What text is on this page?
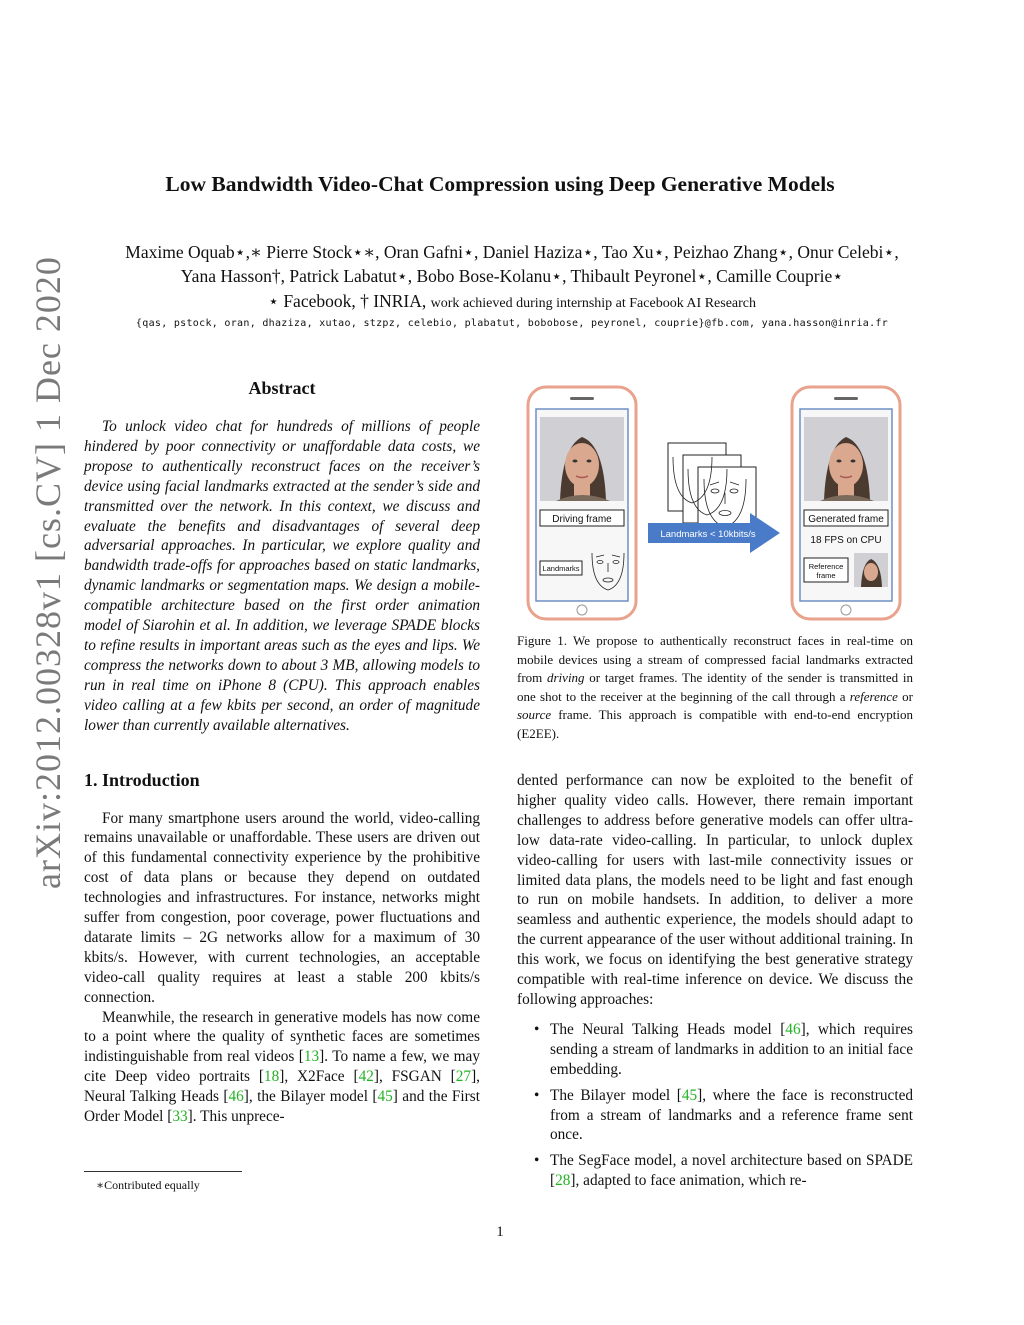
Low Bandwidth Video-Chat Compression using Deep Generative Models
Maxime Oquab⋆,∗ Pierre Stock⋆∗, Oran Gafni⋆, Daniel Haziza⋆, Tao Xu⋆, Peizhao Zhang⋆, Onur Celebi⋆,
Yana Hasson†, Patrick Labatut⋆, Bobo Bose-Kolanu⋆, Thibault Peyronel⋆, Camille Couprie⋆
⋆ Facebook, † INRIA, work achieved during internship at Facebook AI Research
{qas, pstock, oran, dhaziza, xutao, stzpz, celebio, plabatut, bobobose, peyronel, couprie}@fb.com, yana.hasson@inria.fr
arXiv:2012.00328v1 [cs.CV] 1 Dec 2020	Abstract

To unlock video chat for hundreds of millions of people hindered by poor connectivity or unaffordable data costs, we propose to authentically reconstruct faces on the receiver’s device using facial landmarks extracted at the sender’s side and transmitted over the network. In this context, we discuss and evaluate the benefits and disadvantages of several deep adversarial approaches. In particular, we explore quality and bandwidth trade-offs for approaches based on static landmarks, dynamic landmarks or segmentation maps. We design a mobile-compatible architecture based on the first order animation model of Siarohin et al. In addition, we leverage SPADE blocks to refine results in important areas such as the eyes and lips. We compress the networks down to about 3 MB, allowing models to run in real time on iPhone 8 (CPU). This approach enables video calling at a few kbits per second, an order of magnitude lower than currently available alternatives.

1. Introduction

For many smartphone users around the world, video-calling remains unavailable or unaffordable. These users are driven out of this fundamental connectivity experience by the prohibitive cost of data plans or because they depend on outdated technologies and infrastructures. For instance, networks might suffer from congestion, poor coverage, power fluctuations and datarate limits – 2G networks allow for a maximum of 30 kbits/s. However, with current technologies, an acceptable video-call quality requires at least a stable 200 kbits/s connection.

Meanwhile, the research in generative models has now come to a point where the quality of synthetic faces are sometimes indistinguishable from real videos [13]. To name a few, we may cite Deep video portraits [18], X2Face [42], FSGAN [27], Neural Talking Heads [46], the Bilayer model [45] and the First Order Model [33]. This unprece-

∗Contributed equally
Driving frame
Landmarks
Landmarks < 10kbits/s
Generated frame
18 FPS on CPU
Reference
frame
Figure 1. We propose to authentically reconstruct faces in real-time on mobile devices using a stream of compressed facial landmarks extracted from driving or target frames. The identity of the sender is transmitted in one shot to the receiver at the beginning of the call through a reference or source frame. This approach is compatible with end-to-end encryption (E2EE).

dented performance can now be exploited to the benefit of higher quality video calls. However, there remain important challenges to address before generative models can offer ultra-low data-rate video-calling. In particular, to unlock duplex video-calling for users with last-mile connectivity issues or limited data plans, the models need to be light and fast enough to run on mobile handsets. In addition, to deliver a more seamless and authentic experience, the models should adapt to the current appearance of the user without additional training. In this work, we focus on identifying the best generative strategy compatible with real-time inference on device. We discuss the following approaches:

• The Neural Talking Heads model [46], which requires sending a stream of landmarks in addition to an initial face embedding.
• The Bilayer model [45], where the face is reconstructed from a stream of landmarks and a reference frame sent once.
• The SegFace model, a novel architecture based on SPADE [28], adapted to face animation, which re-
1
